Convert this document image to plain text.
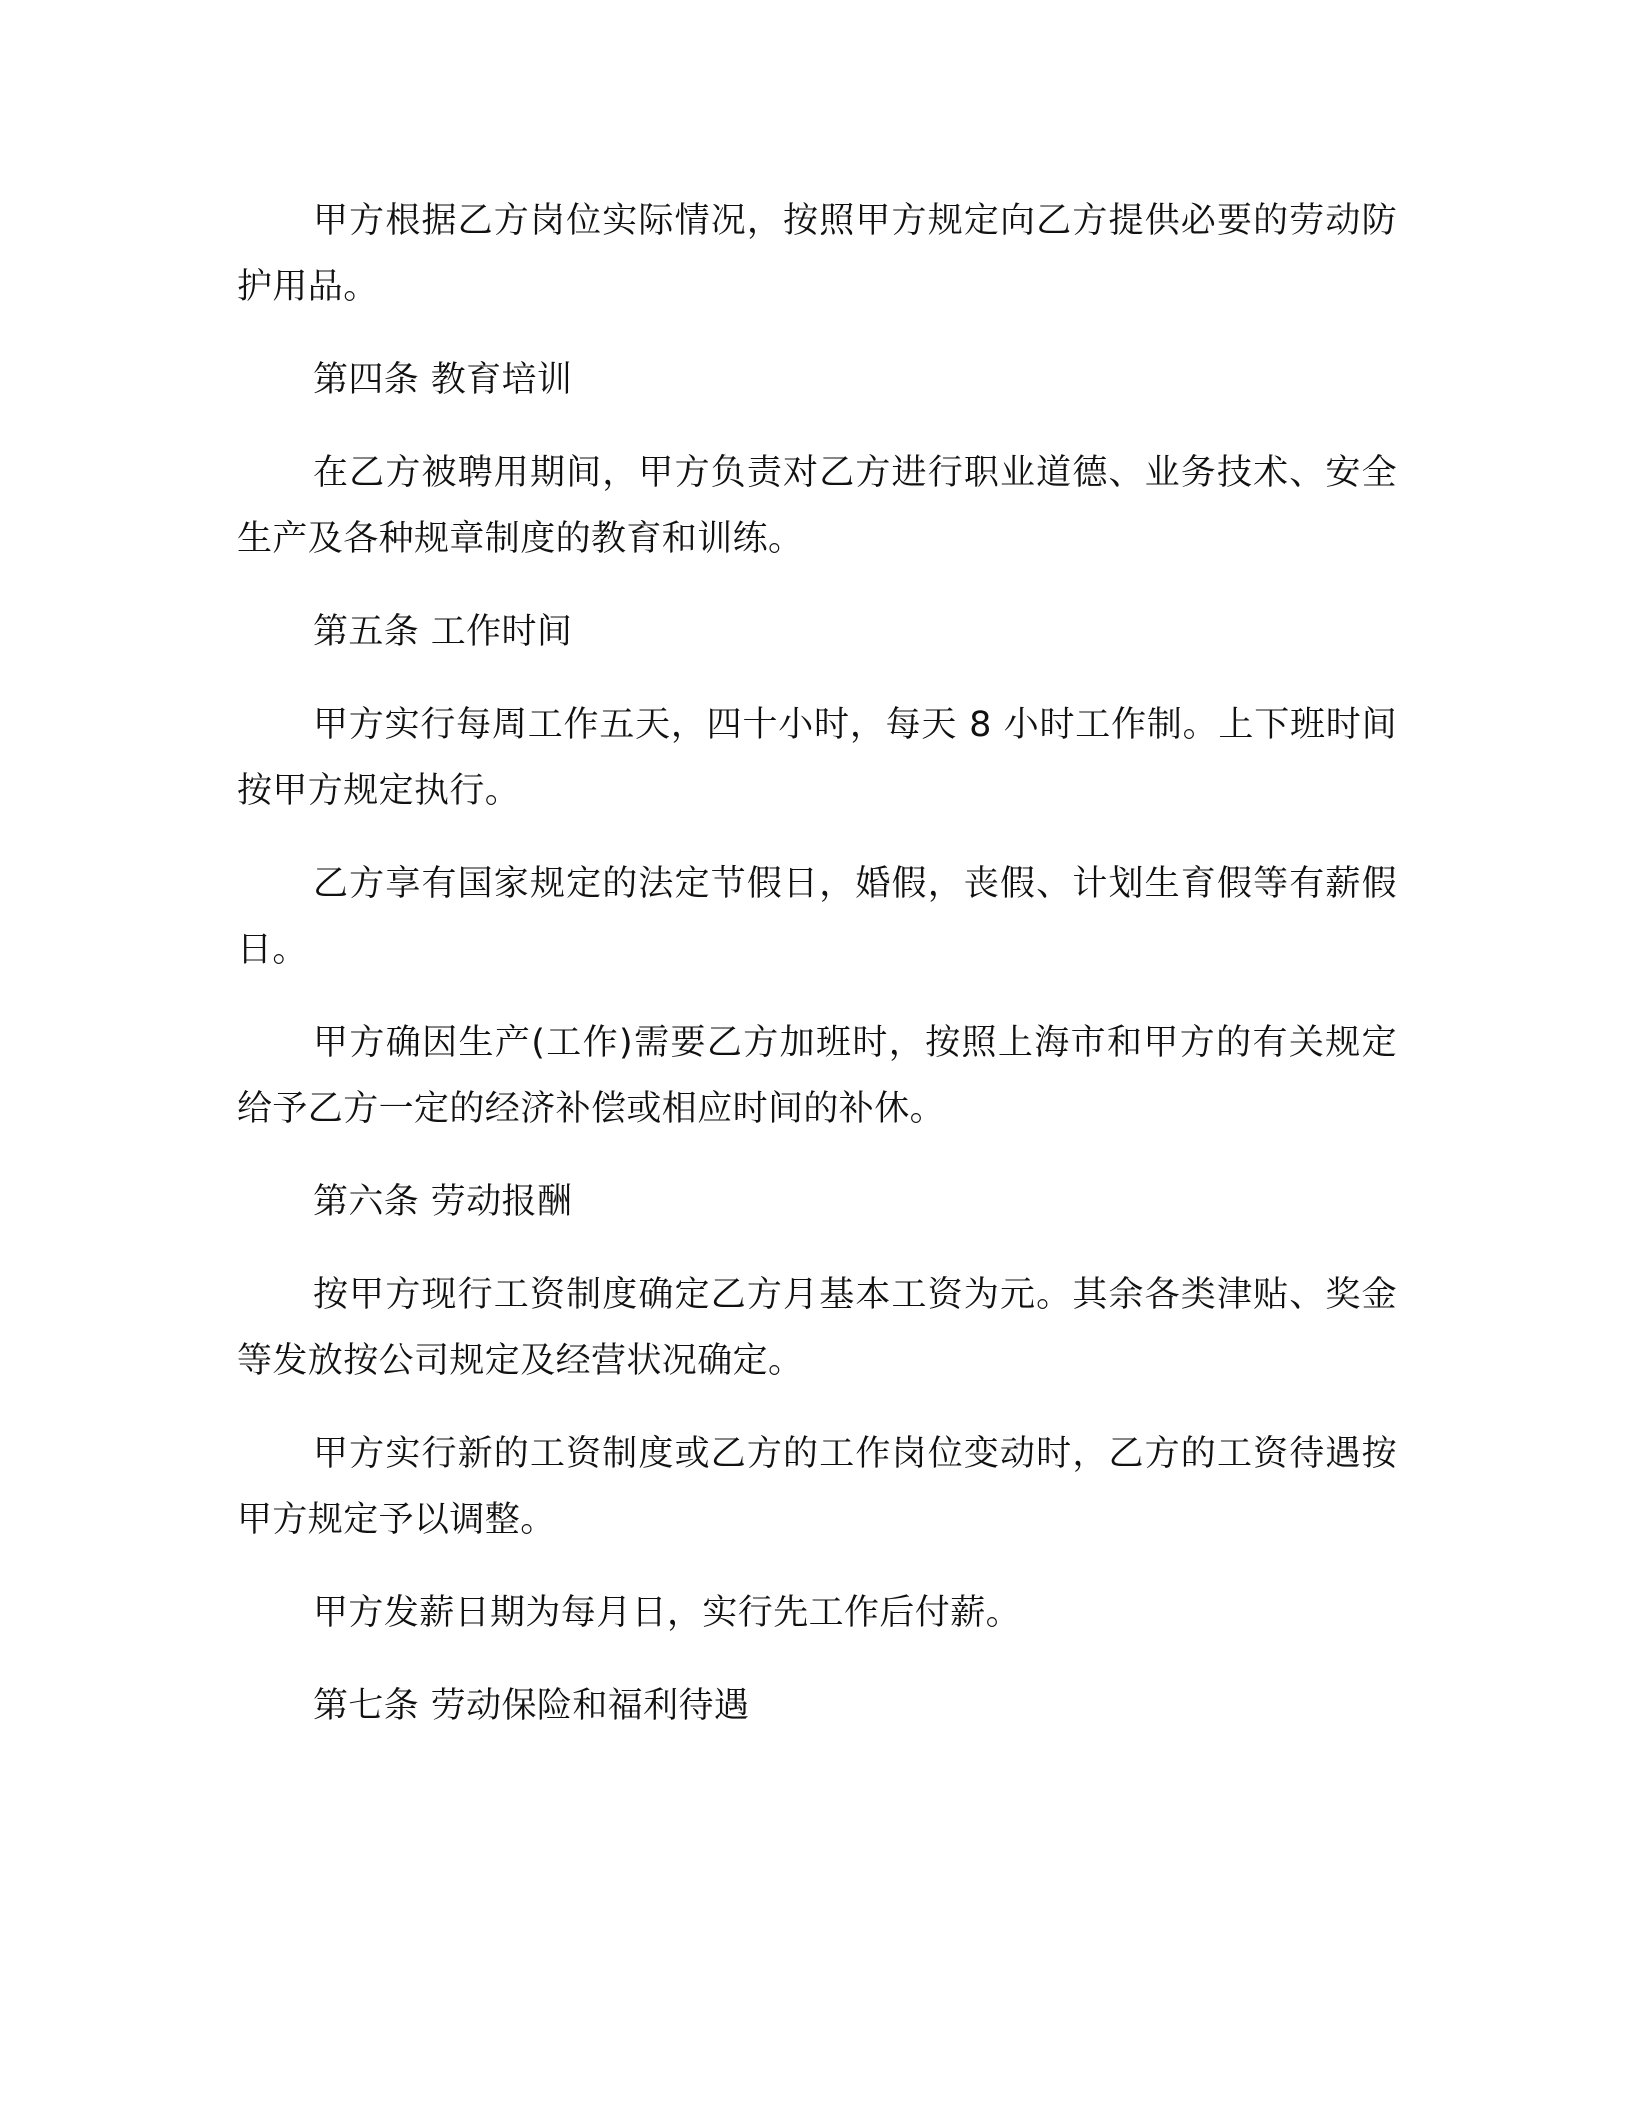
甲方根据乙方岗位实际情况，按照甲方规定向乙方提供必要的劳动防护用品。

第四条 教育培训

在乙方被聘用期间，甲方负责对乙方进行职业道德、业务技术、安全生产及各种规章制度的教育和训练。

第五条 工作时间

甲方实行每周工作五天，四十小时，每天 8 小时工作制。上下班时间按甲方规定执行。

乙方享有国家规定的法定节假日，婚假，丧假、计划生育假等有薪假日。

甲方确因生产(工作)需要乙方加班时，按照上海市和甲方的有关规定给予乙方一定的经济补偿或相应时间的补休。

第六条 劳动报酬

按甲方现行工资制度确定乙方月基本工资为元。其余各类津贴、奖金等发放按公司规定及经营状况确定。

甲方实行新的工资制度或乙方的工作岗位变动时，乙方的工资待遇按甲方规定予以调整。

甲方发薪日期为每月日，实行先工作后付薪。

第七条 劳动保险和福利待遇
